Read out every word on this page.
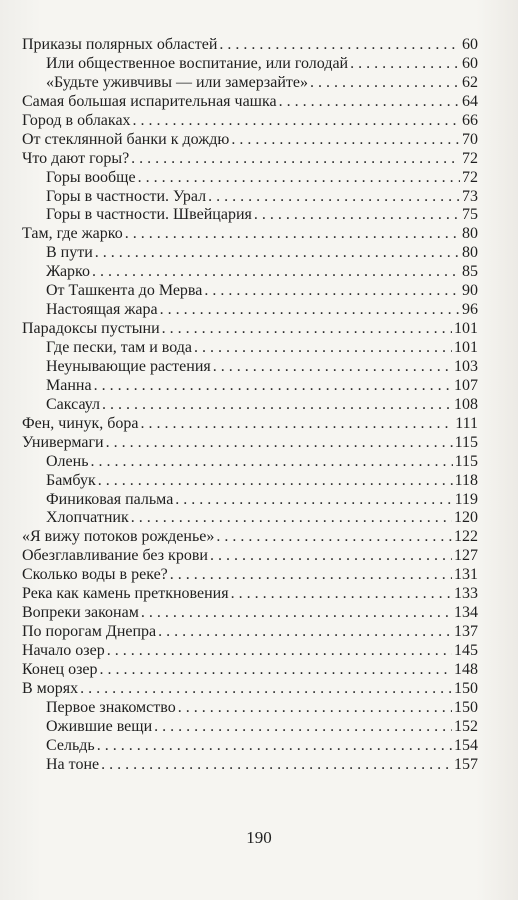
Приказы полярных областей . . .	60
Или общественное воспитание, или голодай . . .	60
«Будьте уживчивы — или замерзайте» . . .	62
Самая большая испарительная чашка . . .	64
Город в облаках . . .	66
От стеклянной банки к дождю . . .	70
Что дают горы? . . .	72
Горы вообще . . .	72
Горы в частности. Урал . . .	73
Горы в частности. Швейцария . . .	75
Там, где жарко . . .	80
В пути . . .	80
Жарко . . .	85
От Ташкента до Мерва . . .	90
Настоящая жара . . .	96
Парадоксы пустыни . . .	101
Где пески, там и вода . . .	101
Неунывающие растения . . .	103
Манна . . .	107
Саксаул . . .	108
Фен, чинук, бора . . .	111
Универмаги . . .	115
Олень . . .	115
Бамбук . . .	118
Финиковая пальма . . .	119
Хлопчатник . . .	120
«Я вижу потоков рожденье» . . .	122
Обезглавливание без крови . . .	127
Сколько воды в реке? . . .	131
Река как камень преткновения . . .	133
Вопреки законам . . .	134
По порогам Днепра . . .	137
Начало озер . . .	145
Конец озер . . .	148
В морях . . .	150
Первое знакомство . . .	150
Ожившие вещи . . .	152
Сельдь . . .	154
На тоне . . .	157
190
